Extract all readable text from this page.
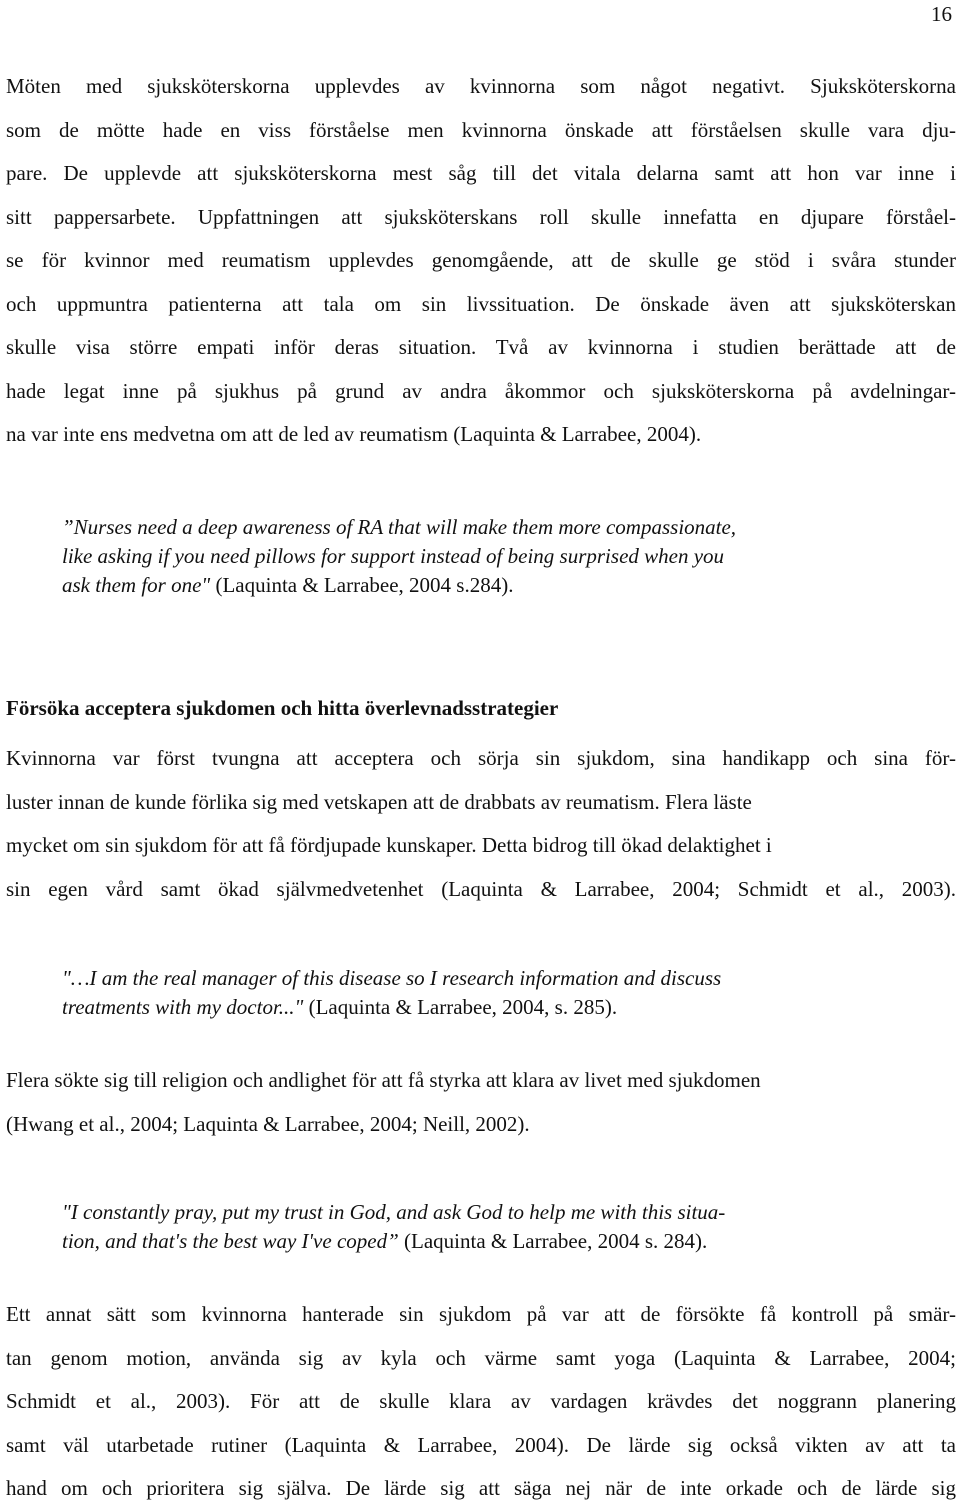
16
Möten med sjuksköterskorna upplevdes av kvinnorna som något negativt. Sjuksköterskorna
som de mötte hade en viss förståelse men kvinnorna önskade att förståelsen skulle vara dju-
pare. De upplevde att sjuksköterskorna mest såg till det vitala delarna samt att hon var inne i
sitt pappersarbete. Uppfattningen att sjuksköterskans roll skulle innefatta en djupare förståel-
se för kvinnor med reumatism upplevdes genomgående, att de skulle ge stöd i svåra stunder
och uppmuntra patienterna att tala om sin livssituation. De önskade även att sjuksköterskan
skulle visa större empati inför deras situation. Två av kvinnorna i studien berättade att de
hade legat inne på sjukhus på grund av andra åkommor och sjuksköterskorna på avdelningar-
na var inte ens medvetna om att de led av reumatism (Laquinta & Larrabee, 2004).
”Nurses need a deep awareness of RA that will make them more compassionate,
like asking if you need pillows for support instead of being surprised when you
ask them for one" (Laquinta & Larrabee, 2004 s.284).
Försöka acceptera sjukdomen och hitta överlevnadsstrategier
Kvinnorna var först tvungna att acceptera och sörja sin sjukdom, sina handikapp och sina för-
luster innan de kunde förlika sig med vetskapen att de drabbats av reumatism. Flera läste
mycket om sin sjukdom för att få fördjupade kunskaper. Detta bidrog till ökad delaktighet i
sin egen vård samt ökad självmedvetenhet (Laquinta & Larrabee, 2004; Schmidt et al., 2003).
"…I am the real manager of this disease so I research information and discuss
treatments with my doctor..." (Laquinta & Larrabee, 2004, s. 285).
Flera sökte sig till religion och andlighet för att få styrka att klara av livet med sjukdomen
(Hwang et al., 2004; Laquinta & Larrabee, 2004; Neill, 2002).
"I constantly pray, put my trust in God, and ask God to help me with this situa-
tion, and that's the best way I've coped” (Laquinta & Larrabee, 2004 s. 284).
Ett annat sätt som kvinnorna hanterade sin sjukdom på var att de försökte få kontroll på smär-
tan genom motion, använda sig av kyla och värme samt yoga (Laquinta & Larrabee, 2004;
Schmidt et al., 2003). För att de skulle klara av vardagen krävdes det noggrann planering
samt väl utarbetade rutiner (Laquinta & Larrabee, 2004). De lärde sig också vikten av att ta
hand om och prioritera sig själva. De lärde sig att säga nej när de inte orkade och de lärde sig
